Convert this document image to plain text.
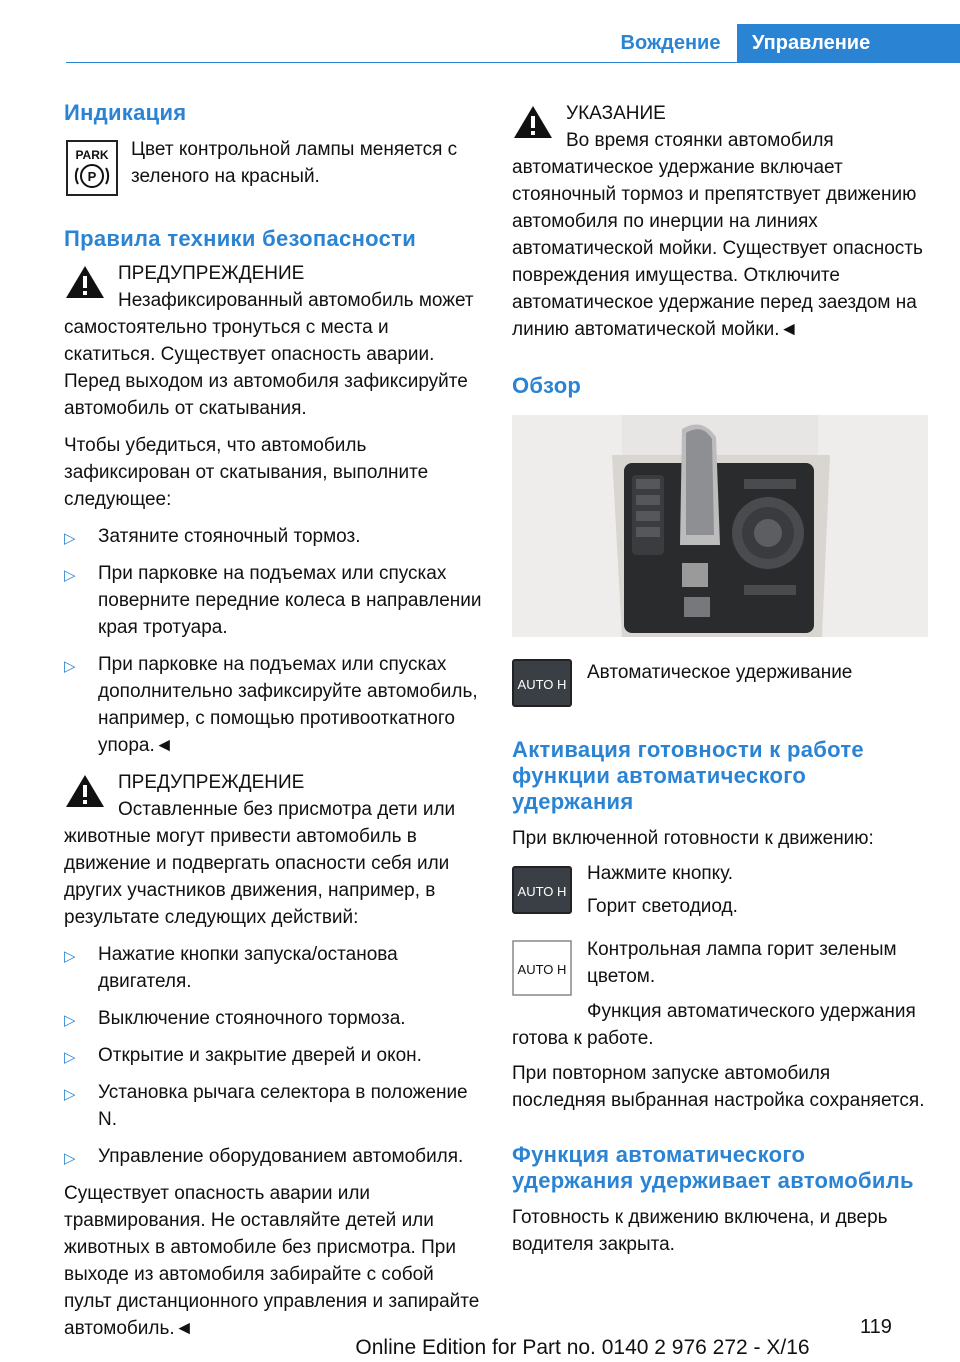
Вождение	Управление
Индикация
PARK
P

Цвет контрольной лампы меняется с зеленого на красный.

Правила техники безопасности

ПРЕДУПРЕЖДЕНИЕ

Незафиксированный автомобиль может самостоятельно тронуться с места и скатиться. Существует опасность аварии. Перед выходом из автомобиля зафиксируйте автомобиль от скатывания.

Чтобы убедиться, что автомобиль зафиксирован от скатывания, выполните следующее:

▷ Затяните стояночный тормоз.
▷ При парковке на подъемах или спусках поверните передние колеса в направлении края тротуара.
▷ При парковке на подъемах или спусках дополнительно зафиксируйте автомобиль, например, с помощью противооткатного упора.◄

ПРЕДУПРЕЖДЕНИЕ

Оставленные без присмотра дети или животные могут привести автомобиль в движение и подвергать опасности себя или других участников движения, например, в результате следующих действий:

▷ Нажатие кнопки запуска/останова двигателя.
▷ Выключение стояночного тормоза.
▷ Открытие и закрытие дверей и окон.
▷ Установка рычага селектора в положение N.
▷ Управление оборудованием автомобиля.

Существует опасность аварии или травмирования. Не оставляйте детей или животных в автомобиле без присмотра. При выходе из автомобиля забирайте с собой пульт дистанционного управления и запирайте автомобиль.◄

УКАЗАНИЕ

Во время стоянки автомобиля автоматическое удержание включает стояночный тормоз и препятствует движению автомобиля по инерции на линиях автоматической мойки. Существует опасность повреждения имущества. Отключите автоматическое удержание перед заездом на линию автоматической мойки.◄

Обзор
AUTO H

Автоматическое удерживание

Активация готовности к работе функции автоматического удержания

При включенной готовности к движению:

AUTO H

Нажмите кнопку.

Горит светодиод.

AUTO H

Контрольная лампа горит зеленым цветом.

Функция автоматического удержания готова к работе.

При повторном запуске автомобиля последняя выбранная настройка сохраняется.

Функция автоматического удержания удерживает автомобиль

Готовность к движению включена, и дверь водителя закрыта.

119
Online Edition for Part no. 0140 2 976 272 - X/16
